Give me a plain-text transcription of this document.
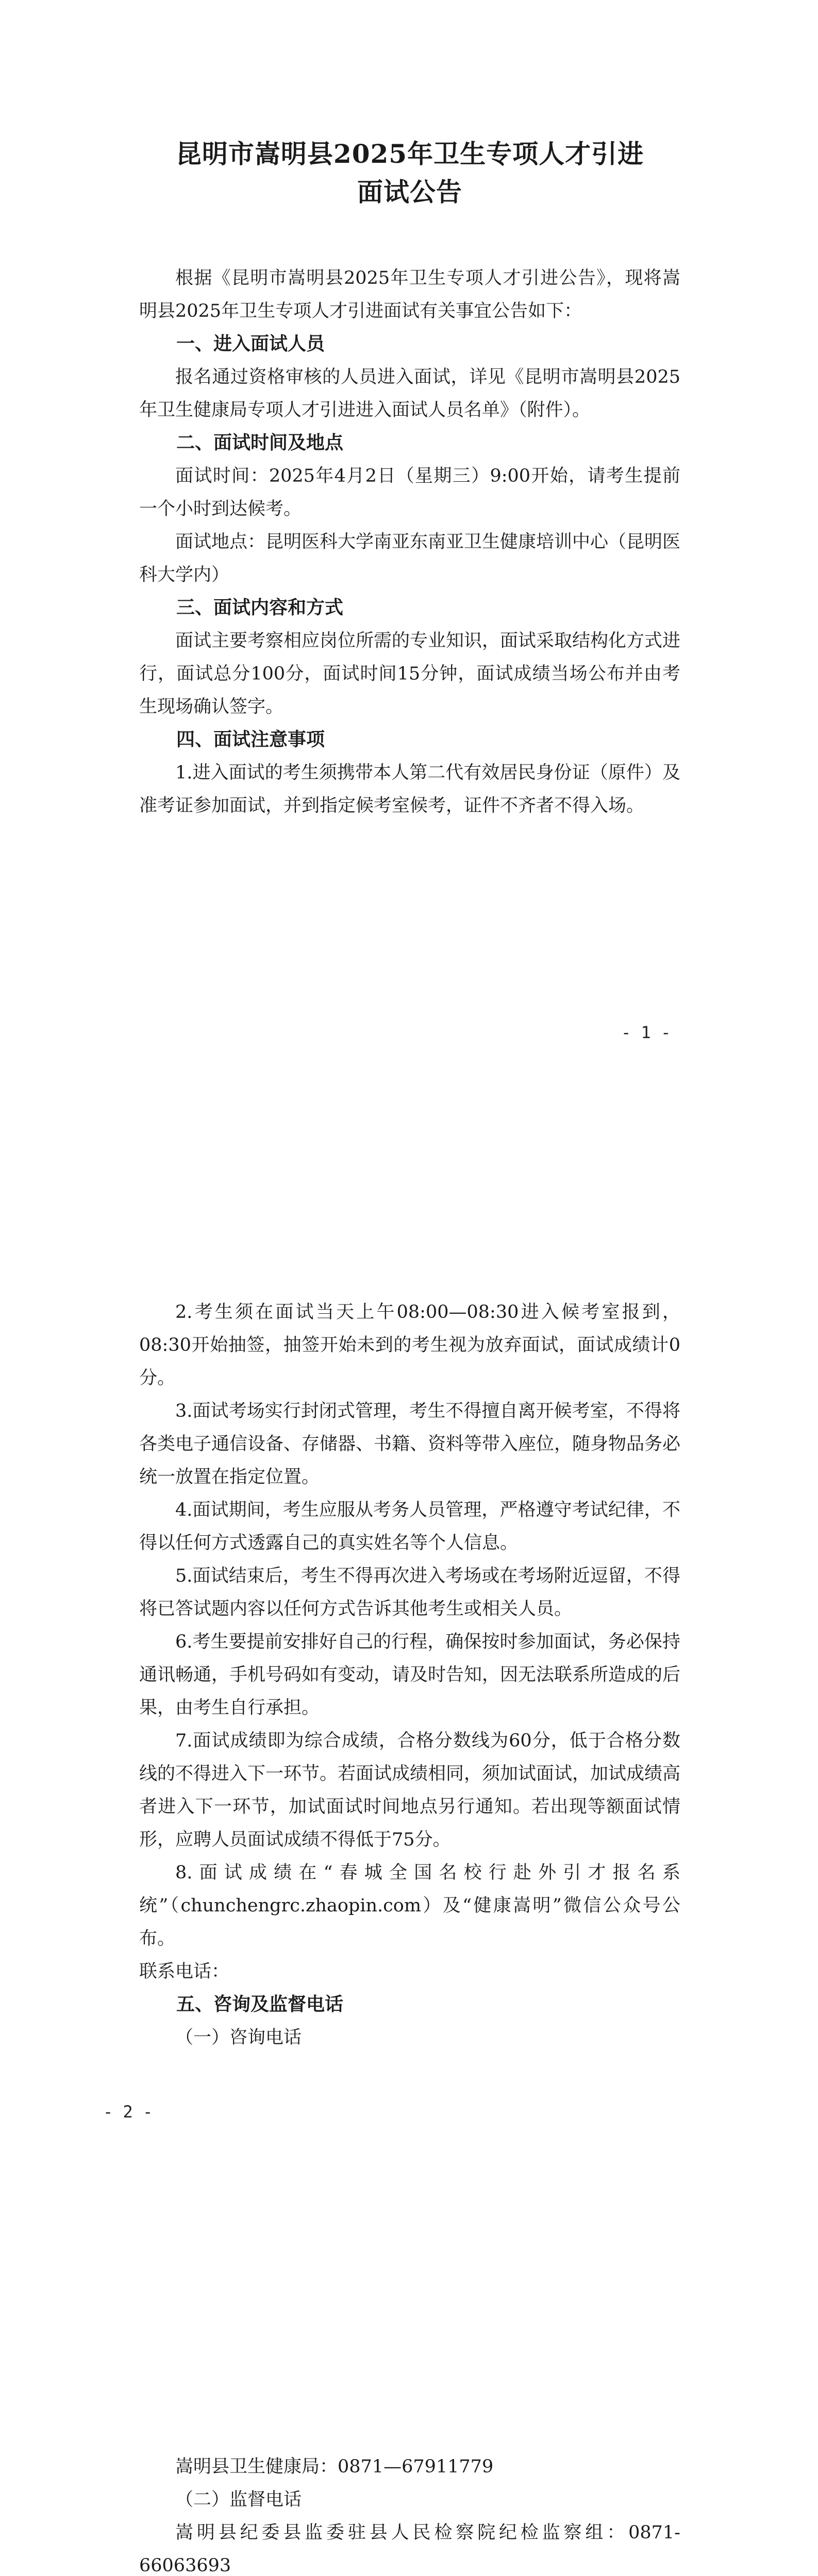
昆明市嵩明县2025年卫生专项人才引进

面试公告

根据《昆明市嵩明县2025年卫生专项人才引进公告》，现将嵩明县2025年卫生专项人才引进面试有关事宜公告如下：

一、进入面试人员

报名通过资格审核的人员进入面试，详见《昆明市嵩明县2025年卫生健康局专项人才引进进入面试人员名单》（附件）。

二、面试时间及地点

面试时间：2025年4月2日（星期三）9:00开始，请考生提前一个小时到达候考。

面试地点：昆明医科大学南亚东南亚卫生健康培训中心（昆明医科大学内）

三、面试内容和方式

面试主要考察相应岗位所需的专业知识，面试采取结构化方式进行，面试总分100分，面试时间15分钟，面试成绩当场公布并由考生现场确认签字。

四、面试注意事项

1.进入面试的考生须携带本人第二代有效居民身份证（原件）及准考证参加面试，并到指定候考室候考，证件不齐者不得入场。

- 1 -

2.考生须在面试当天上午08:00—08:30进入候考室报到，08:30开始抽签，抽签开始未到的考生视为放弃面试，面试成绩计0分。

3.面试考场实行封闭式管理，考生不得擅自离开候考室，不得将各类电子通信设备、存储器、书籍、资料等带入座位，随身物品务必统一放置在指定位置。

4.面试期间，考生应服从考务人员管理，严格遵守考试纪律，不得以任何方式透露自己的真实姓名等个人信息。

5.面试结束后，考生不得再次进入考场或在考场附近逗留，不得将已答试题内容以任何方式告诉其他考生或相关人员。

6.考生要提前安排好自己的行程，确保按时参加面试，务必保持通讯畅通，手机号码如有变动，请及时告知，因无法联系所造成的后果，由考生自行承担。

7.面试成绩即为综合成绩，合格分数线为60分，低于合格分数线的不得进入下一环节。若面试成绩相同，须加试面试，加试成绩高者进入下一环节，加试面试时间地点另行通知。若出现等额面试情形，应聘人员面试成绩不得低于75分。

8.面试成绩在“春城全国名校行赴外引才报名系统”（chunchengrc.zhaopin.com）及“健康嵩明”微信公众号公布。

联系电话：

五、咨询及监督电话

（一）咨询电话

- 2 -

嵩明县卫生健康局：0871—67911779

（二）监督电话

嵩明县纪委县监委驻县人民检察院纪检监察组：0871-66063693
